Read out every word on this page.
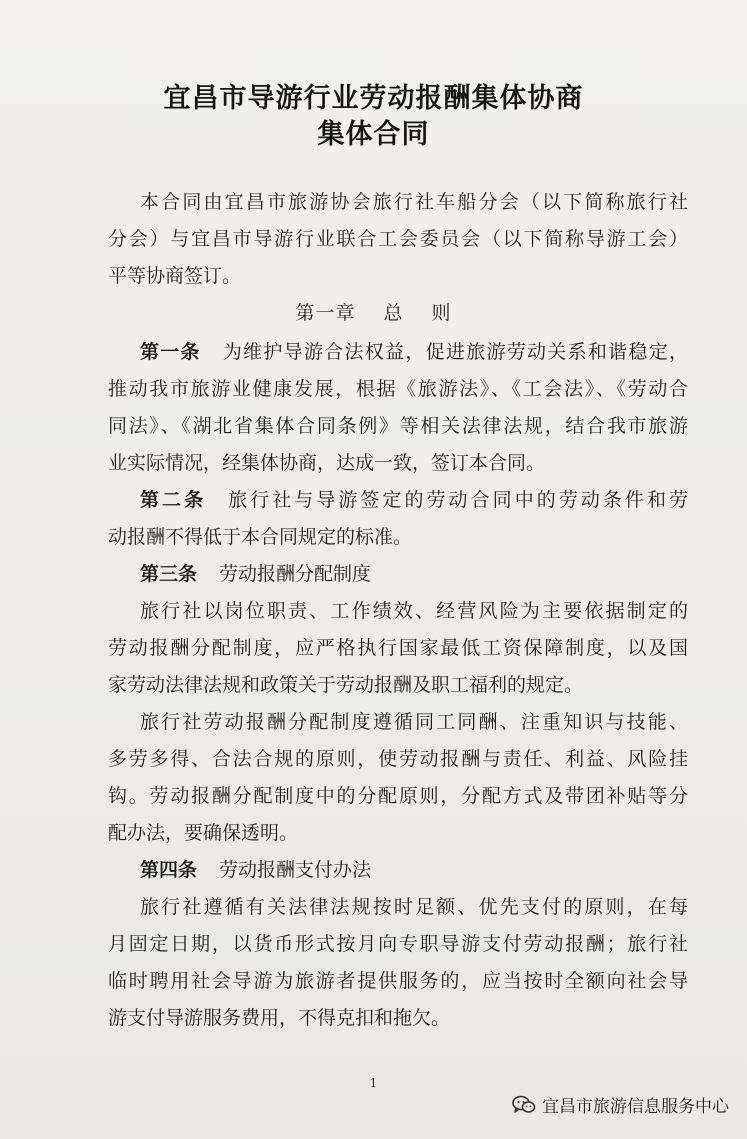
宜昌市导游行业劳动报酬集体协商
集体合同
本合同由宜昌市旅游协会旅行社车船分会（以下简称旅行社
分会）与宜昌市导游行业联合工会委员会（以下简称导游工会）
平等协商签订。
第一章 总 则
第一条 为维护导游合法权益，促进旅游劳动关系和谐稳定，
推动我市旅游业健康发展，根据《旅游法》、《工会法》、《劳动合
同法》、《湖北省集体合同条例》等相关法律法规，结合我市旅游
业实际情况，经集体协商，达成一致，签订本合同。
第二条 旅行社与导游签定的劳动合同中的劳动条件和劳
动报酬不得低于本合同规定的标准。
第三条 劳动报酬分配制度
旅行社以岗位职责、工作绩效、经营风险为主要依据制定的
劳动报酬分配制度，应严格执行国家最低工资保障制度，以及国
家劳动法律法规和政策关于劳动报酬及职工福利的规定。
旅行社劳动报酬分配制度遵循同工同酬、注重知识与技能、
多劳多得、合法合规的原则，使劳动报酬与责任、利益、风险挂
钩。劳动报酬分配制度中的分配原则，分配方式及带团补贴等分
配办法，要确保透明。
第四条 劳动报酬支付办法
旅行社遵循有关法律法规按时足额、优先支付的原则，在每
月固定日期，以货币形式按月向专职导游支付劳动报酬；旅行社
临时聘用社会导游为旅游者提供服务的，应当按时全额向社会导
游支付导游服务费用，不得克扣和拖欠。
1
宜昌市旅游信息服务中心
